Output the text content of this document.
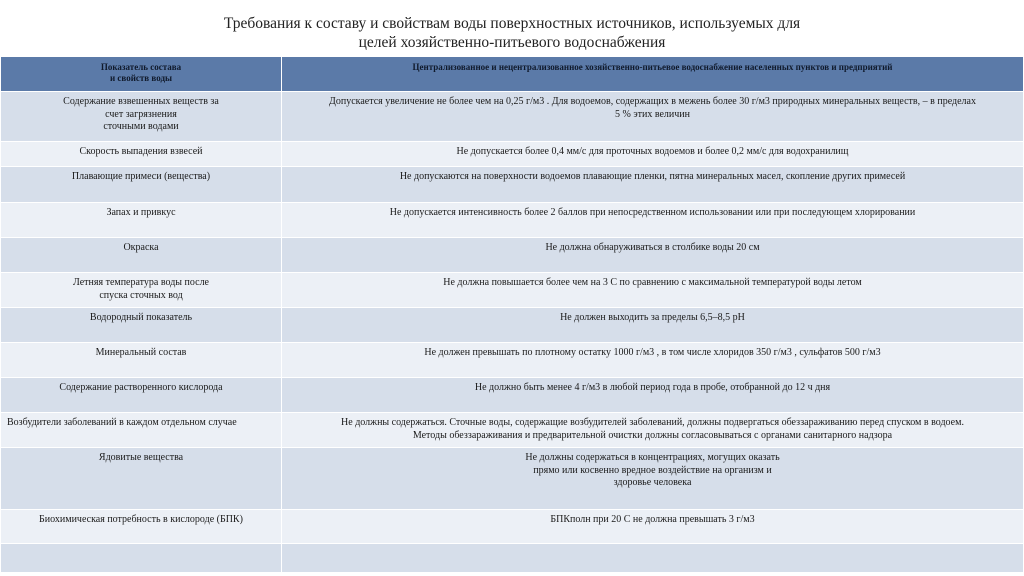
Требования к составу и свойствам воды поверхностных источников, используемых для
целей хозяйственно-питьевого водоснабжения
Показатель состава
и свойств воды	Централизованное и нецентрализованное хозяйственно-питьевое водоснабжение населенных пунктов и предприятий
Содержание взвешенных веществ за
счет загрязнения
сточными водами	Допускается увеличение не более чем на 0,25 г/м3 . Для водоемов, содержащих в межень более 30 г/м3 природных минеральных веществ, – в пределах
5 % этих величин
Скорость выпадения взвесей	Не допускается более 0,4 мм/с для проточных водоемов и более 0,2 мм/с для водохранилищ
Плавающие примеси (вещества)	Не допускаются на поверхности водоемов плавающие пленки, пятна минеральных масел, скопление других примесей
Запах и привкус	Не допускается интенсивность более 2 баллов при непосредственном использовании или при последующем хлорировании
Окраска	Не должна обнаруживаться в столбике воды 20 см
Летняя температура воды после
спуска сточных вод	Не должна повышается более чем на 3 С по сравнению с максимальной температурой воды летом
Водородный показатель	Не должен выходить за пределы 6,5–8,5 pH
Минеральный состав	Не должен превышать по плотному остатку 1000 г/м3 , в том числе хлоридов 350 г/м3 , сульфатов 500 г/м3
Содержание растворенного кислорода	Не должно быть менее 4 г/м3 в любой период года в пробе, отобранной до 12 ч дня
Возбудители заболеваний в каждом отдельном случае	Не должны содержаться. Сточные воды, содержащие возбудителей заболеваний, должны подвергаться обеззараживанию перед спуском в водоем.
Методы обеззараживания и предварительной очистки должны согласовываться с органами санитарного надзора
Ядовитые вещества	Не должны содержаться в концентрациях, могущих оказать
прямо или косвенно вредное воздействие на организм и
здоровье человека
Биохимическая потребность в кислороде (БПК)	БПКполн при 20 С не должна превышать 3 г/м3
